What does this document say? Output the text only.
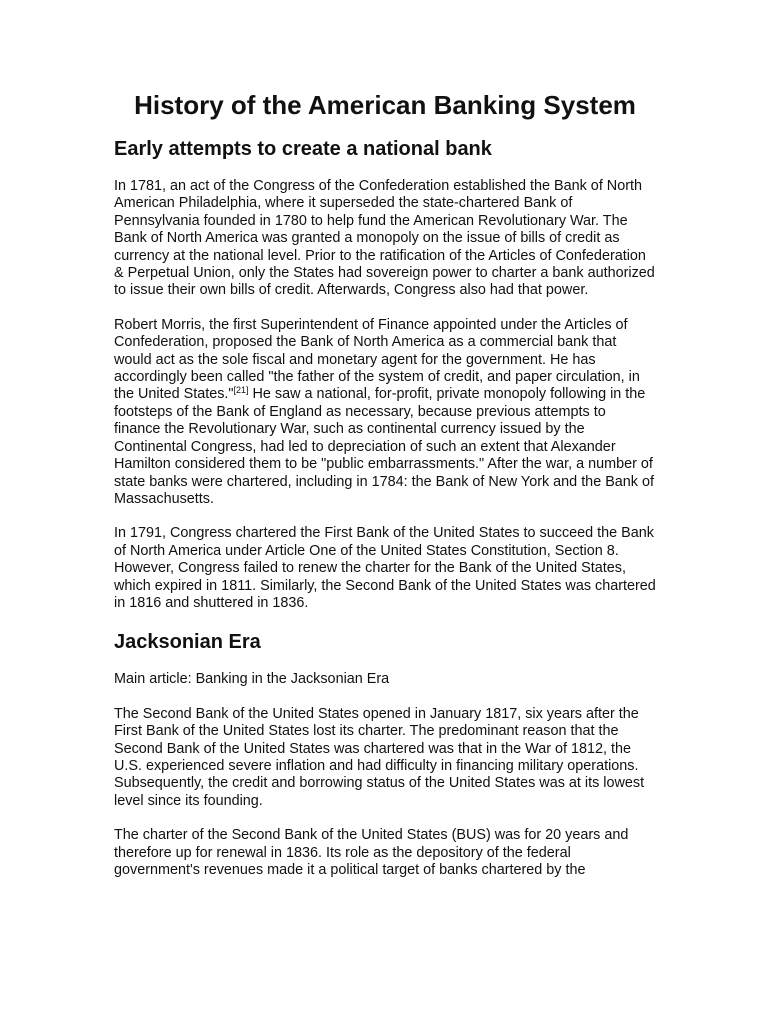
History of the American Banking System
Early attempts to create a national bank

In 1781, an act of the Congress of the Confederation established the Bank of North American Philadelphia, where it superseded the state-chartered Bank of Pennsylvania founded in 1780 to help fund the American Revolutionary War. The Bank of North America was granted a monopoly on the issue of bills of credit as currency at the national level. Prior to the ratification of the Articles of Confederation & Perpetual Union, only the States had sovereign power to charter a bank authorized to issue their own bills of credit. Afterwards, Congress also had that power.

Robert Morris, the first Superintendent of Finance appointed under the Articles of Confederation, proposed the Bank of North America as a commercial bank that would act as the sole fiscal and monetary agent for the government. He has accordingly been called "the father of the system of credit, and paper circulation, in the United States."[21] He saw a national, for-profit, private monopoly following in the footsteps of the Bank of England as necessary, because previous attempts to finance the Revolutionary War, such as continental currency issued by the Continental Congress, had led to depreciation of such an extent that Alexander Hamilton considered them to be "public embarrassments." After the war, a number of state banks were chartered, including in 1784: the Bank of New York and the Bank of Massachusetts.

In 1791, Congress chartered the First Bank of the United States to succeed the Bank of North America under Article One of the United States Constitution, Section 8. However, Congress failed to renew the charter for the Bank of the United States, which expired in 1811. Similarly, the Second Bank of the United States was chartered in 1816 and shuttered in 1836.

Jacksonian Era

Main article: Banking in the Jacksonian Era

The Second Bank of the United States opened in January 1817, six years after the First Bank of the United States lost its charter. The predominant reason that the Second Bank of the United States was chartered was that in the War of 1812, the U.S. experienced severe inflation and had difficulty in financing military operations. Subsequently, the credit and borrowing status of the United States was at its lowest level since its founding.

The charter of the Second Bank of the United States (BUS) was for 20 years and therefore up for renewal in 1836. Its role as the depository of the federal government's revenues made it a political target of banks chartered by the
